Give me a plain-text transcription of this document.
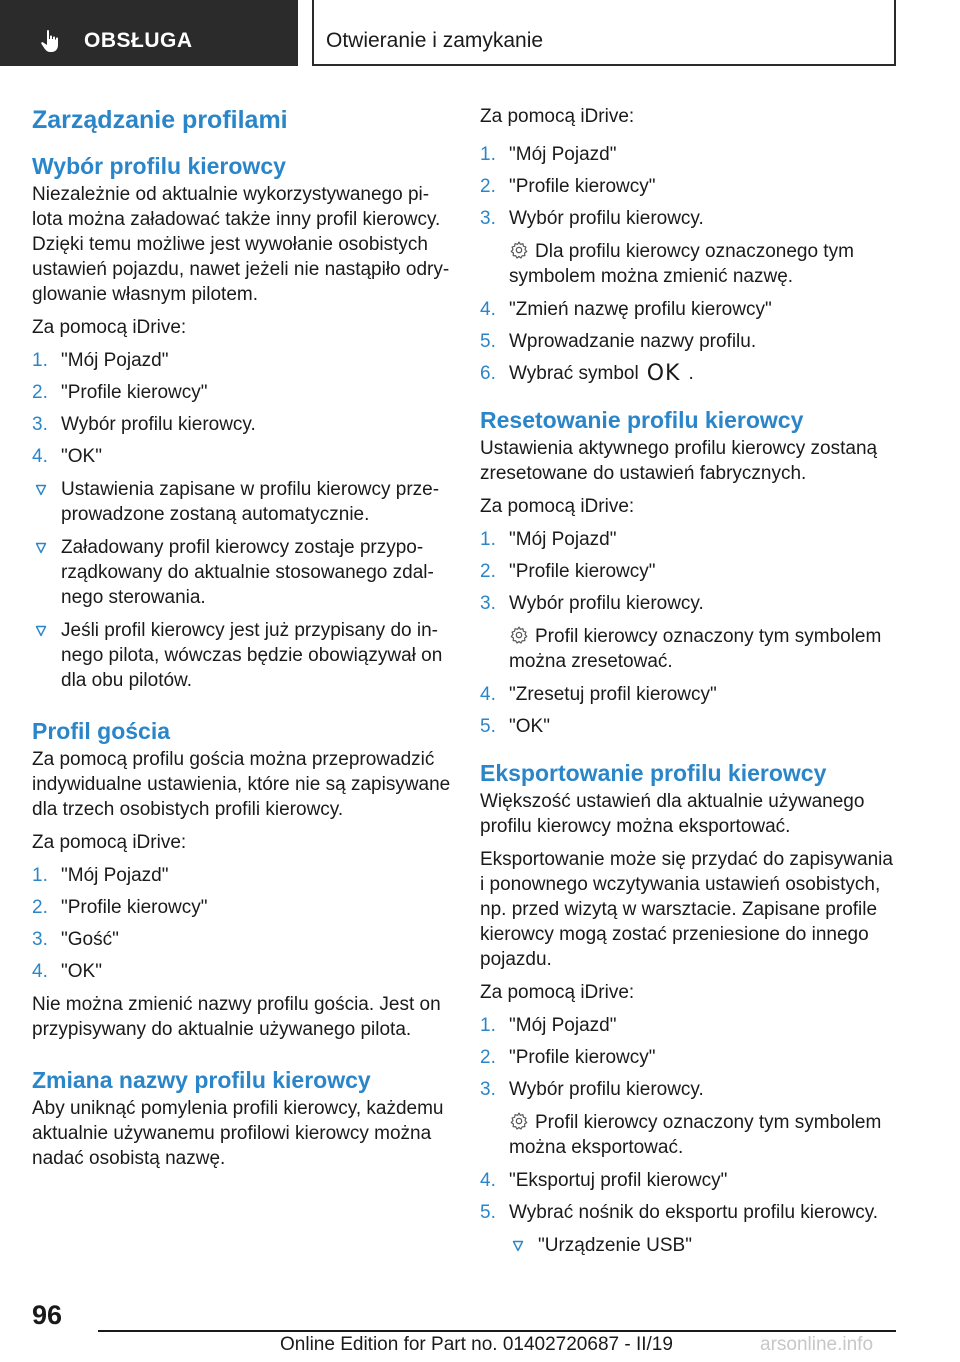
OBSŁUGA	Otwieranie i zamykanie
Zarządzanie profilami
Wybór profilu kierowcy

Niezależnie od aktualnie wykorzystywanego pilota można załadować także inny profil kierowcy. Dzięki temu możliwe jest wywołanie osobistych ustawień pojazdu, nawet jeżeli nie nastąpiło odryglowanie własnym pilotem.

Za pomocą iDrive:

1. "Mój Pojazd"
2. "Profile kierowcy"
3. Wybór profilu kierowcy.
4. "OK"
Ustawienia zapisane w profilu kierowcy przeprowadzone zostaną automatycznie.
Załadowany profil kierowcy zostaje przyporządkowany do aktualnie stosowanego zdalnego sterowania.
Jeśli profil kierowcy jest już przypisany do innego pilota, wówczas będzie obowiązywał on dla obu pilotów.
Profil gościa

Za pomocą profilu gościa można przeprowadzić indywidualne ustawienia, które nie są zapisywane dla trzech osobistych profili kierowcy.

Za pomocą iDrive:

1. "Mój Pojazd"
2. "Profile kierowcy"
3. "Gość"
4. "OK"

Nie można zmienić nazwy profilu gościa. Jest on przypisywany do aktualnie używanego pilota.

Zmiana nazwy profilu kierowcy

Aby uniknąć pomylenia profili kierowcy, każdemu aktualnie używanemu profilowi kierowcy można nadać osobistą nazwę.

Za pomocą iDrive:

1. "Mój Pojazd"
2. "Profile kierowcy"
3. Wybór profilu kierowcy.
Dla profilu kierowcy oznaczonego tym symbolem można zmienić nazwę.
4. "Zmień nazwę profilu kierowcy"
5. Wprowadzanie nazwy profilu.
6. Wybrać symbol OK .
Resetowanie profilu kierowcy

Ustawienia aktywnego profilu kierowcy zostaną zresetowane do ustawień fabrycznych.

Za pomocą iDrive:

1. "Mój Pojazd"
2. "Profile kierowcy"
3. Wybór profilu kierowcy.
Profil kierowcy oznaczony tym symbolem można zresetować.
4. "Zresetuj profil kierowcy"
5. "OK"
Eksportowanie profilu kierowcy

Większość ustawień dla aktualnie używanego profilu kierowcy można eksportować.

Eksportowanie może się przydać do zapisywania i ponownego wczytywania ustawień osobistych, np. przed wizytą w warsztacie. Zapisane profile kierowcy mogą zostać przeniesione do innego pojazdu.

Za pomocą iDrive:

1. "Mój Pojazd"
2. "Profile kierowcy"
3. Wybór profilu kierowcy.
Profil kierowcy oznaczony tym symbolem można eksportować.
4. "Eksportuj profil kierowcy"
5. Wybrać nośnik do eksportu profilu kierowcy.
"Urządzenie USB"
96
Online Edition for Part no. 01402720687 - II/19	arsonline.info
